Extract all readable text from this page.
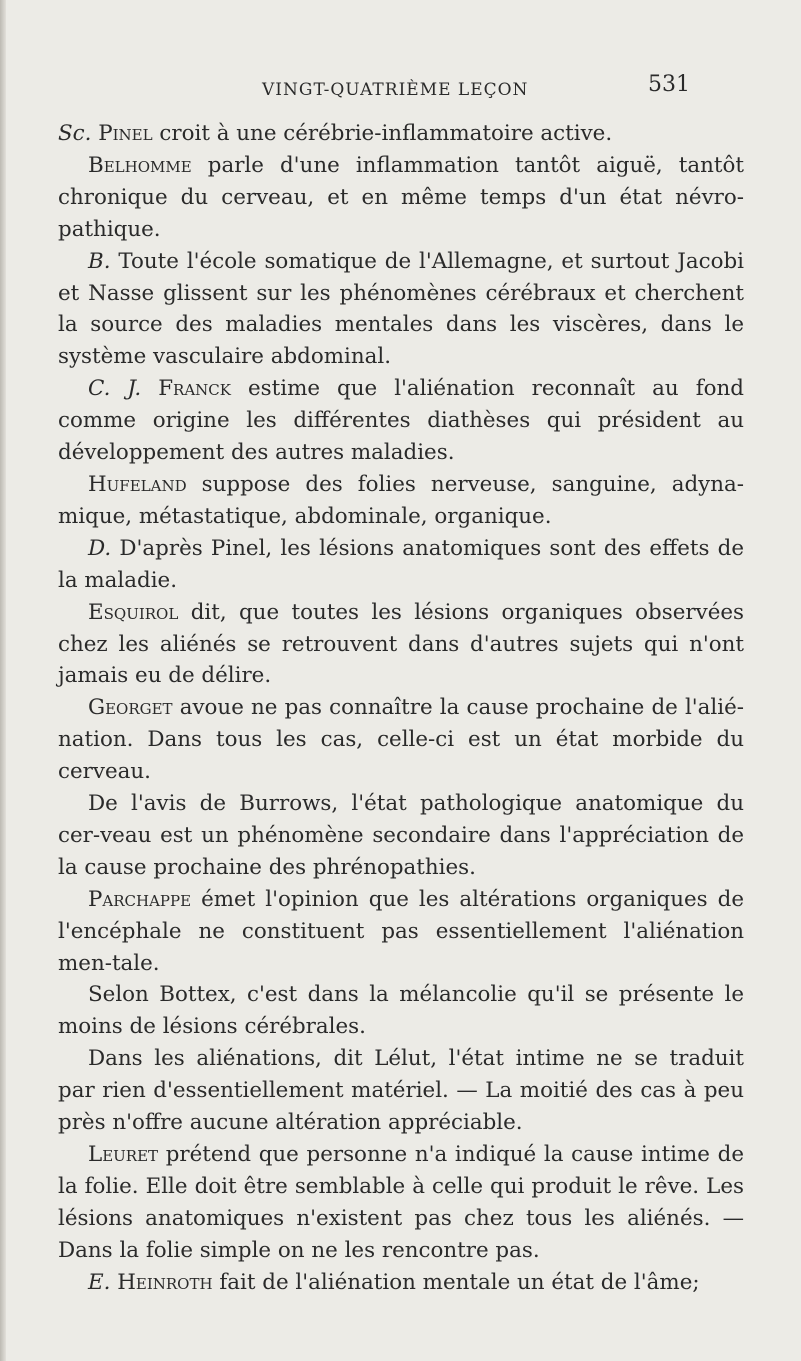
VINGT-QUATRIÈME LEÇON	531

Sc. Pinel croit à une cérébrie-inflammatoire active.

Belhomme parle d'une inflammation tantôt aiguë, tantôt chronique du cerveau, et en même temps d'un état névro-pathique.

B. Toute l'école somatique de l'Allemagne, et surtout Jacobi et Nasse glissent sur les phénomènes cérébraux et cherchent la source des maladies mentales dans les viscères, dans le système vasculaire abdominal.

C. J. Franck estime que l'aliénation reconnaît au fond comme origine les différentes diathèses qui président au développement des autres maladies.

Hufeland suppose des folies nerveuse, sanguine, adyna-mique, métastatique, abdominale, organique.

D. D'après Pinel, les lésions anatomiques sont des effets de la maladie.

Esquirol dit, que toutes les lésions organiques observées chez les aliénés se retrouvent dans d'autres sujets qui n'ont jamais eu de délire.

Georget avoue ne pas connaître la cause prochaine de l'alié-nation. Dans tous les cas, celle-ci est un état morbide du cerveau.

De l'avis de Burrows, l'état pathologique anatomique du cer-veau est un phénomène secondaire dans l'appréciation de la cause prochaine des phrénopathies.

Parchappe émet l'opinion que les altérations organiques de l'encéphale ne constituent pas essentiellement l'aliénation men-tale.

Selon Bottex, c'est dans la mélancolie qu'il se présente le moins de lésions cérébrales.

Dans les aliénations, dit Lélut, l'état intime ne se traduit par rien d'essentiellement matériel. — La moitié des cas à peu près n'offre aucune altération appréciable.

Leuret prétend que personne n'a indiqué la cause intime de la folie. Elle doit être semblable à celle qui produit le rêve. Les lésions anatomiques n'existent pas chez tous les aliénés. — Dans la folie simple on ne les rencontre pas.

E. Heinroth fait de l'aliénation mentale un état de l'âme;
